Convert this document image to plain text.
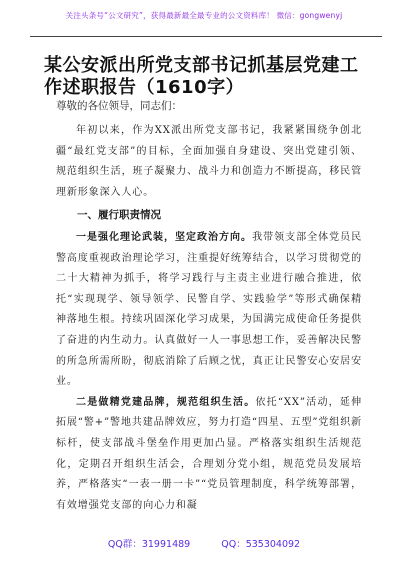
关注头条号“公文研究”，获得最新最全最专业的公文资料库！ 微信：gongwenyj
某公安派出所党支部书记抓基层党建工作述职报告（1610字）
尊敬的各位领导，同志们：

年初以来，作为XX派出所党支部书记，我紧紧围绕争创北疆“最红党支部”的目标，全面加强自身建设、突出党建引领、规范组织生活，班子凝聚力、战斗力和创造力不断提高，移民管理新形象深入人心。

一、履行职责情况

一是强化理论武装，坚定政治方向。我带领支部全体党员民警高度重视政治理论学习，注重提好统筹结合，以学习贯彻党的二十大精神为抓手，将学习践行与主责主业进行融合推进，依托“实现现学、领导领学、民警自学、实践验学”等形式确保精神落地生根。持续巩固深化学习成果，为国满完成使命任务提供了奋进的内生动力。认真做好一人一事思想工作，妥善解决民警的所急所需所盼，彻底消除了后顾之忧，真正让民警安心安居安业。

二是做精党建品牌，规范组织生活。依托“XX”活动，延伸拓展“警+”警地共建品牌效应，努力打造“四星、五型”党组织新标杆，使支部战斗堡垒作用更加凸显。严格落实组织生活规范化，定期召开组织生活会，合理划分党小组，规范党员发展培养，严格落实“一表一册一卡”“党员管理制度，科学统筹部署，有效增强党支部的向心力和凝

QQ群：31991489	QQ：535304092
